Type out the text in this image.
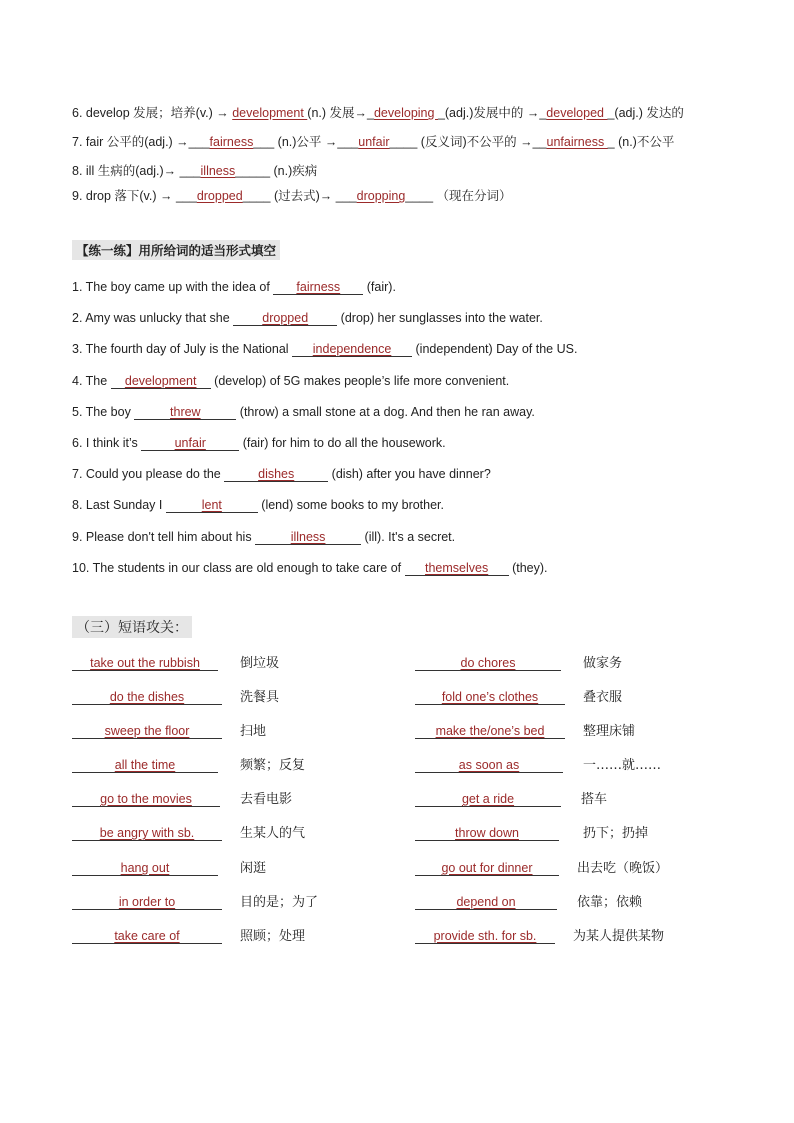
6. develop 发展；培养(v.) → development (n.) 发展→_developing _(adj.)发展中的 →_developed _(adj.) 发达的
7. fair 公平的(adj.) →___fairness___ (n.)公平 →___unfair____ (反义词)不公平的 →__unfairness _ (n.)不公平
8. ill 生病的(adj.)→ ___illness_____ (n.)疾病
9. drop 落下(v.) → ___dropped____ (过去式)→ ___dropping____ （现在分词）
【练一练】用所给词的适当形式填空
1. The boy came up with the idea of fairness (fair).
2. Amy was unlucky that she dropped (drop) her sunglasses into the water.
3. The fourth day of July is the National independence (independent) Day of the US.
4. The development (develop) of 5G makes people’s life more convenient.
5. The boy	threw	(throw) a small stone at a dog. And then he ran away.
6. I think it’s	unfair	(fair) for him to do all the housework.
7. Could you please do the	dishes	(dish) after you have dinner?
8. Last Sunday I	lent	(lend) some books to my brother.
9. Please don't tell him about his	illness	(ill). It's a secret.
10. The students in our class are old enough to take care of themselves (they).
（三）短语攻关：
take out the rubbish	倒垃圾
do the dishes	洗餐具
sweep the floor	扫地
all the time	频繁；反复
go to the movies	去看电影
be angry with sb.	生某人的气
hang out	闲逛
in order to	目的是；为了
take care of	照顾；处理
do chores	做家务
fold one’s clothes	叠衣服
make the/one’s bed	整理床铺
as soon as	一……就……
get a ride	搭车
throw down	扔下；扔掉
go out for dinner	出去吃（晚饭）
depend on	依靠；依赖
provide sth. for sb.	为某人提供某物
